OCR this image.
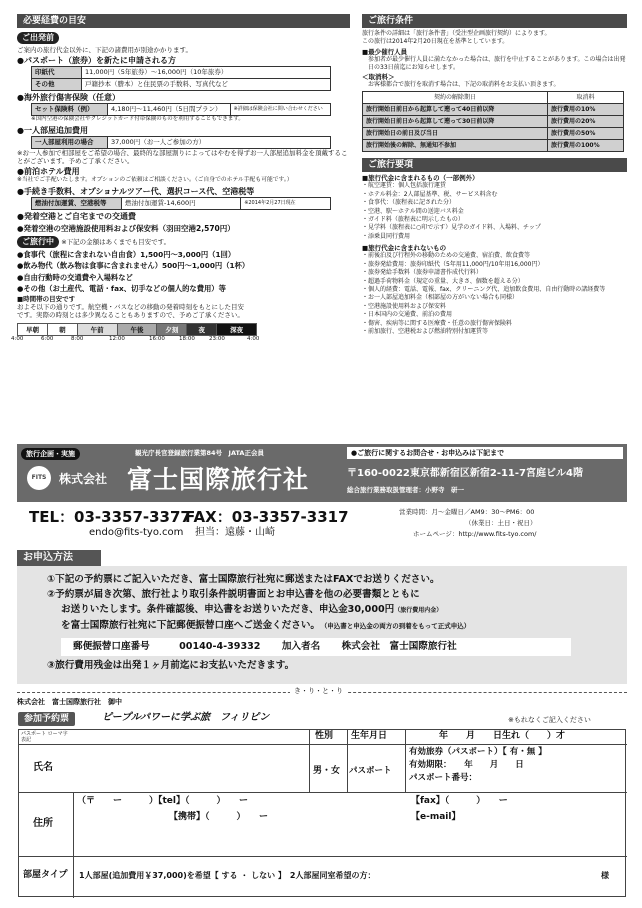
必要経費の目安
ご出発前
ご案内の旅行代金以外に、下記の諸費用が別途かかります。
●パスポート（旅券）を新たに申請される方
印紙代	11,000円（5年旅券）～16,000円（10年旅券）
その他	戸籍抄本（謄本）と住民票の手数料、写真代など
●海外旅行傷害保険（任意）
セット保険料（例）	4,180円～11,460円（5日間プラン）	※詳細は保険会社に問い合わせください
※国内空港の保険会社やクレジットカード付帯保険のものを利用することもできます。
●一人部屋追加費用
一人部屋利用の場合	37,000円（お一人ご参加の方）
※お一人参加で相部屋をご希望の場合、最終的な部屋割りによってはやむを得ずお一人部屋追加料金を頂戴することがございます。予めご了承ください。
●前泊ホテル費用
※当社でご手配いたします。オプションのご依頼はご相談ください。（ご自身でのホテル手配も可能です。）
●手続き手数料、オプショナルツアー代、選択コース代、空港税等
燃油付加運賃、空港税等	燃油付加運賃-14,600円	※2014年2月27日現在
●発着空港とご自宅までの交通費
●発着空港の空港施設使用料および保安料（羽田空港2,570円）
ご旅行中 ※下記の金額はあくまでも目安です。
●食事代（旅程に含まれない自由食）1,500円～3,000円（1回）
●飲み物代（飲み物は食事に含まれません）500円～1,000円（1杯）
●自由行動時の交通費や入場料など
●その他（お土産代、電話・fax、切手などの個人的な費用）等
■時間帯の目安です
およそ以下の通りです。航空機・バスなどの移動の発着時刻をもとにした目安です。実際の時刻とは多少異なることもありますので、予めご了承ください。
早朝	朝	午前	午後	夕刻	夜	深夜
4:00	6:00	8:00	12:00	16:00	18:00	23:00	4:00
ご旅行条件
旅行条件の詳細は「旅行条件書」（受注型企画旅行契約）によります。
この旅行は2014年2月20日現在を基準としています。
■最少催行人員
参加者が最少催行人員に満たなかった場合は、旅行を中止することがあります。この場合は出発日の33日前迄にお知らせします。
＜取消料＞
お客様都合で旅行を取消す場合は、下記の取消料をお支払い頂きます。
契約の解除期日	取消料
旅行開始日前日から起算して遡って40日前以降	旅行費用の10%
旅行開始日前日から起算して遡って30日前以降	旅行費用の20%
旅行開始日の前日及び当日	旅行費用の50%
旅行開始後の解除、無通知不参加	旅行費用の100%
ご旅行要項
■旅行代金に含まれるもの（一部例外）
・航空運賃：個人包括旅行運賃
・ホテル料金：2人部屋基準、税、サービス料含む
・食事代：（旅程表に記された分）
・空港、駅～ホテル間の送迎バス料金
・ガイド料（旅程表に明示したもの）
・見学料（旅程表に○印で示す）見学のガイド料、入場料、チップ
・添乗員同行費用
■旅行代金に含まれないもの
・前後泊及び行程外の移動のための交通費、宿泊費、飲食費等
・旅券発給費用：旅券印紙代（5年用11,000円/10年用16,000円）
・旅券発給手数料（旅券申請書作成代行料）
・超過手荷物料金（規定の重量、大きさ、個数を超える分）
・個人的経費：電話、電報、fax、クリーニング代、追加飲食費用、自由行動時の諸経費等
・お一人部屋追加料金（相部屋の方がいない場合も同様）
・空港施設使用料および保安料
・日本国内の交通費、前泊の費用
・傷害、疾病等に関する医療費・任意の旅行傷害保険料
・前加旅行、空港税および燃油特別付加運賃等
旅行企画・実施	観光庁長官登録旅行業第84号　JATA正会員
FITS	株式会社 富士国際旅行社	〒160-0022東京都新宿区新宿2-11-7宮庭ビル4階
総合旅行業務取扱管理者：小野寺　研一
●ご旅行に関するお問合せ・お申込みは下記まで
TEL：03-3357-3377
FAX：03-3357-3317
endo@fits-tyo.com 担当：遠藤・山崎
営業時間：月～金曜日／AM9：30～PM6：00
（休業日：土日・祝日）
ホームページ：http://www.fits-tyo.com/
お申込方法
①下記の予約票にご記入いただき、富士国際旅行社宛に郵送またはFAXでお送りください。
②予約票が届き次第、旅行社より取引条件説明書面とお申込書を他の必要書類とともに
お送りいたします。条件確認後、申込書をお送りいただき、申込金30,000円（旅行費用内金）
を富士国際旅行社宛に下記郵便振替口座へご送金ください。 （申込書と申込金の両方の到着をもって正式申込）
郵便振替口座番号	00140-4-39332 加入者名 株式会社　富士国際旅行社
③旅行費用残金は出発１ヶ月前迄にお支払いただきます。
き・り・と・り
株式会社　富士国際旅行社　御中
参加予約票	ピープルパワーに学ぶ旅　フィリピン	※もれなくご記入ください
パスポート ローマ字表記
氏名
性別
男・女
生年月日	年　　月　　日生れ（　　）才
パスポート
有効旅券（パスポート）【 有・無 】
有効期限：　　年　　月　　日
パスポート番号：
住所
（〒　　ー　　　）【tel】（　　　）　　ー	【fax】（　　　）　　ー
【携帯】（　　　）　　ー	【e-mail】
部屋タイプ 1人部屋(追加費用￥37,000)を希望【 する ・ しない 】　2人部屋同室希望の方：	様
